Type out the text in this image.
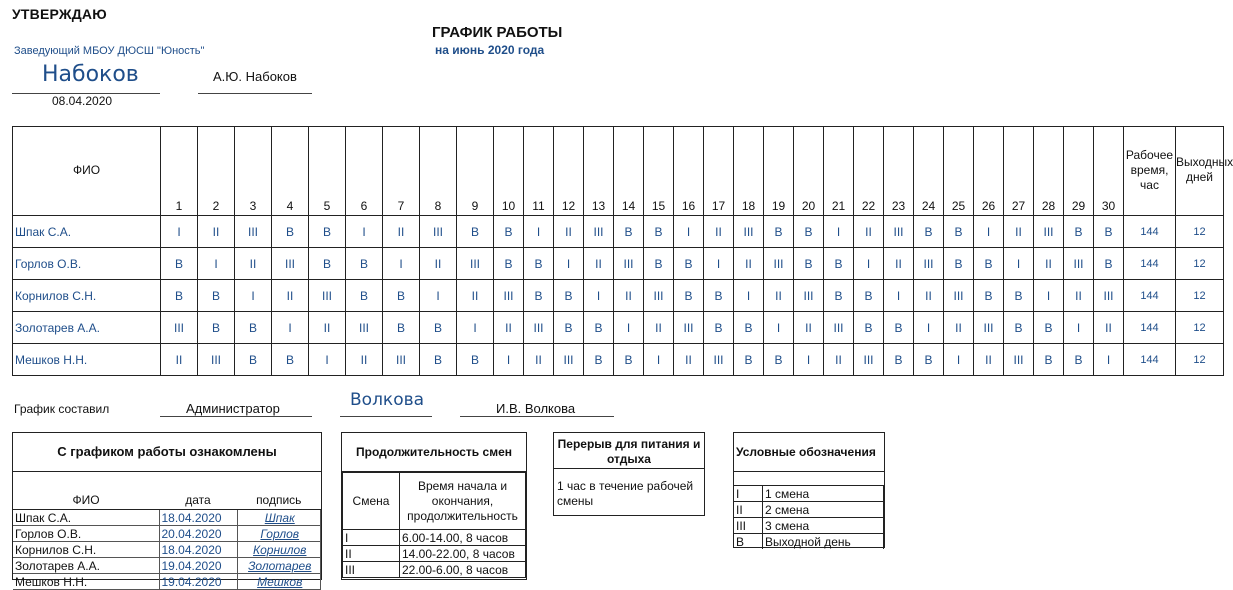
УТВЕРЖДАЮ
Заведующий МБОУ ДЮСШ "Юность"
Набоков
08.04.2020
А.Ю. Набоков
ГРАФИК РАБОТЫ
на июнь 2020 года
ФИО	1	2	3	4	5	6	7	8	9	10	11	12	13	14	15	16	17	18	19	20	21	22	23	24	25	26	27	28	29	30	Рабочее время, час	Выходных дней
Шпак С.А.	I	II	III	В	В	I	II	III	В	В	I	II	III	В	В	I	II	III	В	В	I	II	III	В	В	I	II	III	В	В	144	12
Горлов О.В.	В	I	II	III	В	В	I	II	III	В	В	I	II	III	В	В	I	II	III	В	В	I	II	III	В	В	I	II	III	В	144	12
Корнилов С.Н.	В	В	I	II	III	В	В	I	II	III	В	В	I	II	III	В	В	I	II	III	В	В	I	II	III	В	В	I	II	III	144	12
Золотарев А.А.	III	В	В	I	II	III	В	В	I	II	III	В	В	I	II	III	В	В	I	II	III	В	В	I	II	III	В	В	I	II	144	12
Мешков Н.Н.	II	III	В	В	I	II	III	В	В	I	II	III	В	В	I	II	III	В	В	I	II	III	В	В	I	II	III	В	В	I	144	12
График составил	Администратор	Волкова	И.В. Волкова
С графиком работы ознакомлены
ФИО	дата	подпись
Шпак С.А.	18.04.2020	Шпак
Горлов О.В.	20.04.2020	Горлов
Корнилов С.Н.	18.04.2020	Корнилов
Золотарев А.А.	19.04.2020	Золотарев
Мешков Н.Н.	19.04.2020	Мешков
Продолжительность смен
Смена	Время начала и окончания, продолжительность
I	6.00-14.00, 8 часов
II	14.00-22.00, 8 часов
III	22.00-6.00, 8 часов
Перерыв для питания и отдыха
1 час в течение рабочей смены
Условные обозначения
I	1 смена
II	2 смена
III	3 смена
В	Выходной день
